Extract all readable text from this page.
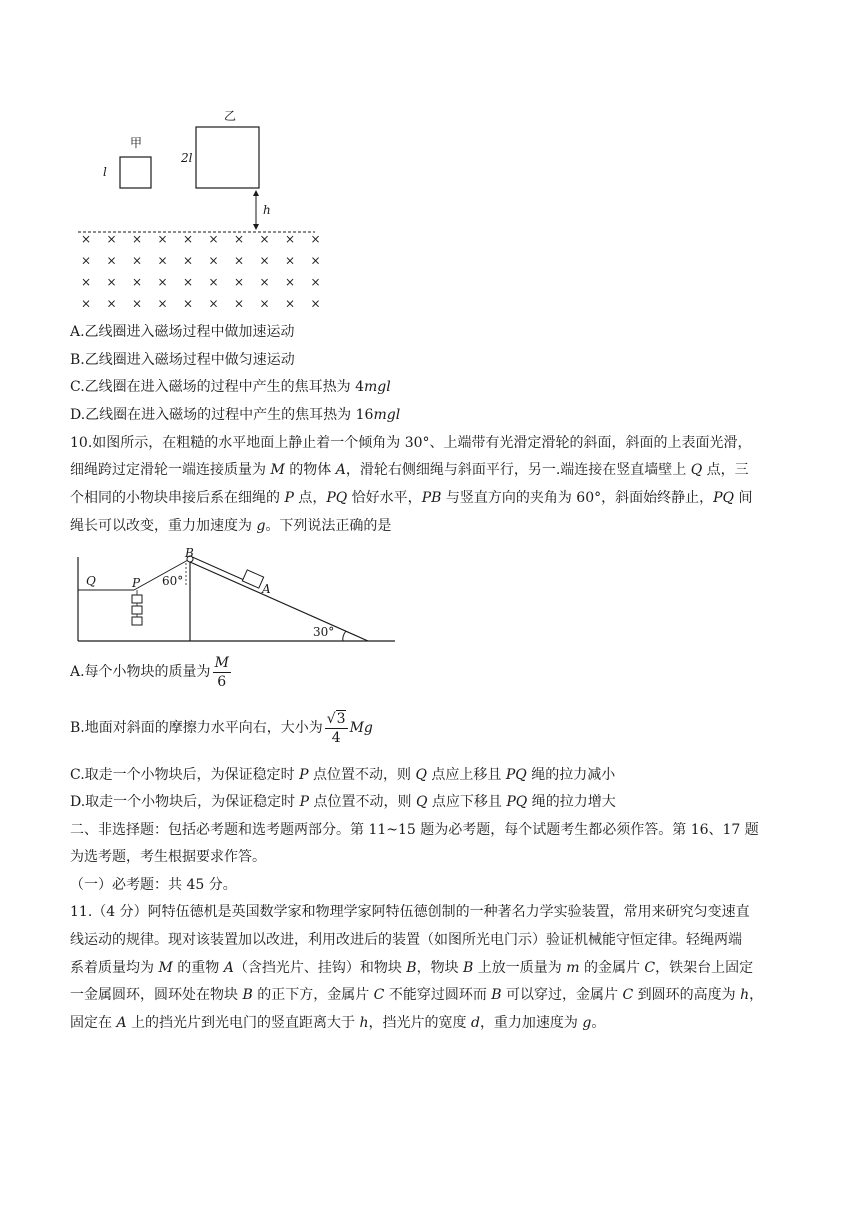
甲
l
乙
2l
h
× × × × × × × × × ×
× × × × × × × × × ×
× × × × × × × × × ×
× × × × × × × × × ×
A.乙线圈进入磁场过程中做加速运动
B.乙线圈进入磁场过程中做匀速运动
C.乙线圈在进入磁场的过程中产生的焦耳热为 4mgl
D.乙线圈在进入磁场的过程中产生的焦耳热为 16mgl
10.如图所示，在粗糙的水平地面上静止着一个倾角为 30°、上端带有光滑定滑轮的斜面，斜面的上表面光滑，
细绳跨过定滑轮一端连接质量为 M 的物体 A，滑轮右侧细绳与斜面平行，另一.端连接在竖直墙壁上 Q 点，三
个相同的小物块串接后系在细绳的 P 点，PQ 恰好水平，PB 与竖直方向的夹角为 60°，斜面始终静止，PQ 间
绳长可以改变，重力加速度为 g。下列说法正确的是
Q	P
B
A
60°
30°
A.每个小物块的质量为 $\frac{M}{6}$
B.地面对斜面的摩擦力水平向右，大小为 $\frac{√3}{4}$ Mg
C.取走一个小物块后，为保证稳定时 P 点位置不动，则 Q 点应上移且 PQ 绳的拉力减小
D.取走一个小物块后，为保证稳定时 P 点位置不动，则 Q 点应下移且 PQ 绳的拉力增大
二、非选择题：包括必考题和选考题两部分。第 11~15 题为必考题，每个试题考生都必须作答。第 16、17 题
为选考题，考生根据要求作答。
（一）必考题：共 45 分。
11.（4 分）阿特伍德机是英国数学家和物理学家阿特伍德创制的一种著名力学实验装置，常用来研究匀变速直
线运动的规律。现对该装置加以改进，利用改进后的装置（如图所光电门示）验证机械能守恒定律。轻绳两端
系着质量均为 M 的重物 A（含挡光片、挂钩）和物块 B，物块 B 上放一质量为 m 的金属片 C，铁架台上固定
一金属圆环，圆环处在物块 B 的正下方，金属片 C 不能穿过圆环而 B 可以穿过，金属片 C 到圆环的高度为 h，
固定在 A 上的挡光片到光电门的竖直距离大于 h，挡光片的宽度 d，重力加速度为 g。
